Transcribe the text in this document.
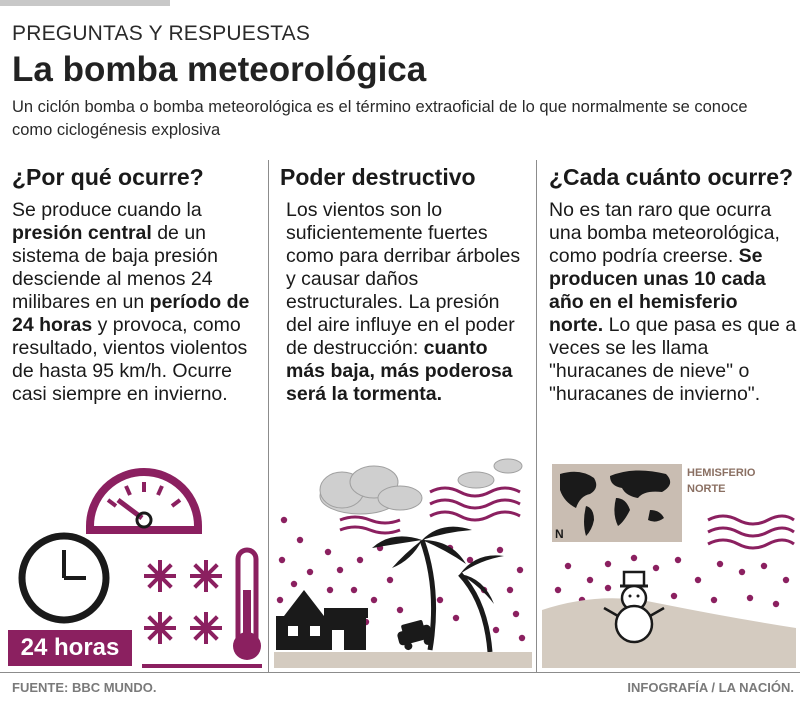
PREGUNTAS Y RESPUESTAS
La bomba meteorológica
Un ciclón bomba o bomba meteorológica es el término extraoficial de lo que normalmente se conoce como ciclogénesis explosiva
¿Por qué ocurre?
Se produce cuando la presión central de un sistema de baja presión desciende al menos 24 milibares en un período de 24 horas y provoca, como resultado, vientos violentos de hasta 95 km/h. Ocurre casi siempre en invierno.
Poder destructivo
Los vientos son lo suficientemente fuertes como para derribar árboles y causar daños estructurales. La presión del aire influye en el poder de destrucción: cuanto más baja, más poderosa será la tormenta.
¿Cada cuánto ocurre?
No es tan raro que ocurra una bomba meteorológica, como podría creerse. Se producen unas 10 cada año en el hemisferio norte. Lo que pasa es que a veces se les llama "huracanes de nieve" o "huracanes de invierno".
24 horas
N
HEMISFERIO NORTE
FUENTE: BBC MUNDO.	INFOGRAFÍA / LA NACIÓN.
